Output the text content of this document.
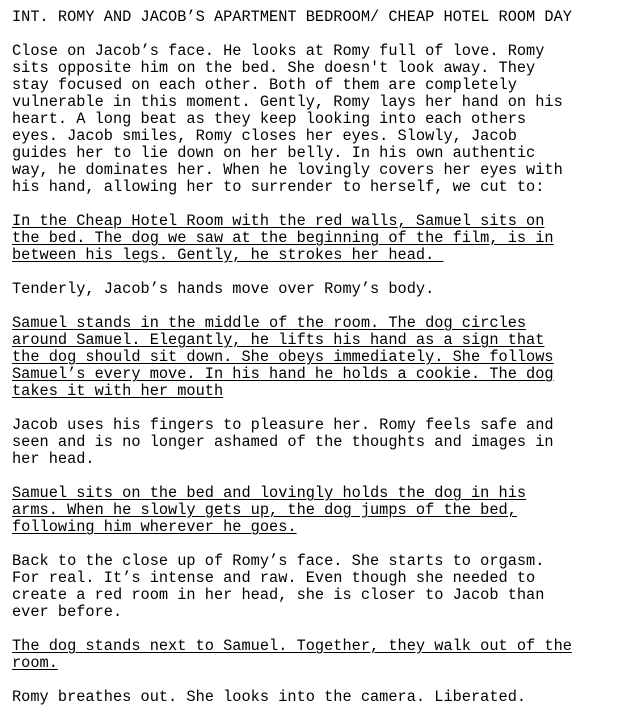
INT. ROMY AND JACOB’S APARTMENT BEDROOM/ CHEAP HOTEL ROOM DAY
Close on Jacob’s face. He looks at Romy full of love. Romy
sits opposite him on the bed. She doesn't look away. They
stay focused on each other. Both of them are completely
vulnerable in this moment. Gently, Romy lays her hand on his
heart. A long beat as they keep looking into each others
eyes. Jacob smiles, Romy closes her eyes. Slowly, Jacob
guides her to lie down on her belly. In his own authentic
way, he dominates her. When he lovingly covers her eyes with
his hand, allowing her to surrender to herself, we cut to:
In the Cheap Hotel Room with the red walls, Samuel sits on
the bed. The dog we saw at the beginning of the film, is in
between his legs. Gently, he strokes her head.
Tenderly, Jacob’s hands move over Romy’s body.
Samuel stands in the middle of the room. The dog circles
around Samuel. Elegantly, he lifts his hand as a sign that
the dog should sit down. She obeys immediately. She follows
Samuel’s every move. In his hand he holds a cookie. The dog
takes it with her mouth
Jacob uses his fingers to pleasure her. Romy feels safe and
seen and is no longer ashamed of the thoughts and images in
her head.
Samuel sits on the bed and lovingly holds the dog in his
arms. When he slowly gets up, the dog jumps of the bed,
following him wherever he goes.
Back to the close up of Romy’s face. She starts to orgasm.
For real. It’s intense and raw. Even though she needed to
create a red room in her head, she is closer to Jacob than
ever before.
The dog stands next to Samuel. Together, they walk out of the
room.
Romy breathes out. She looks into the camera. Liberated.
